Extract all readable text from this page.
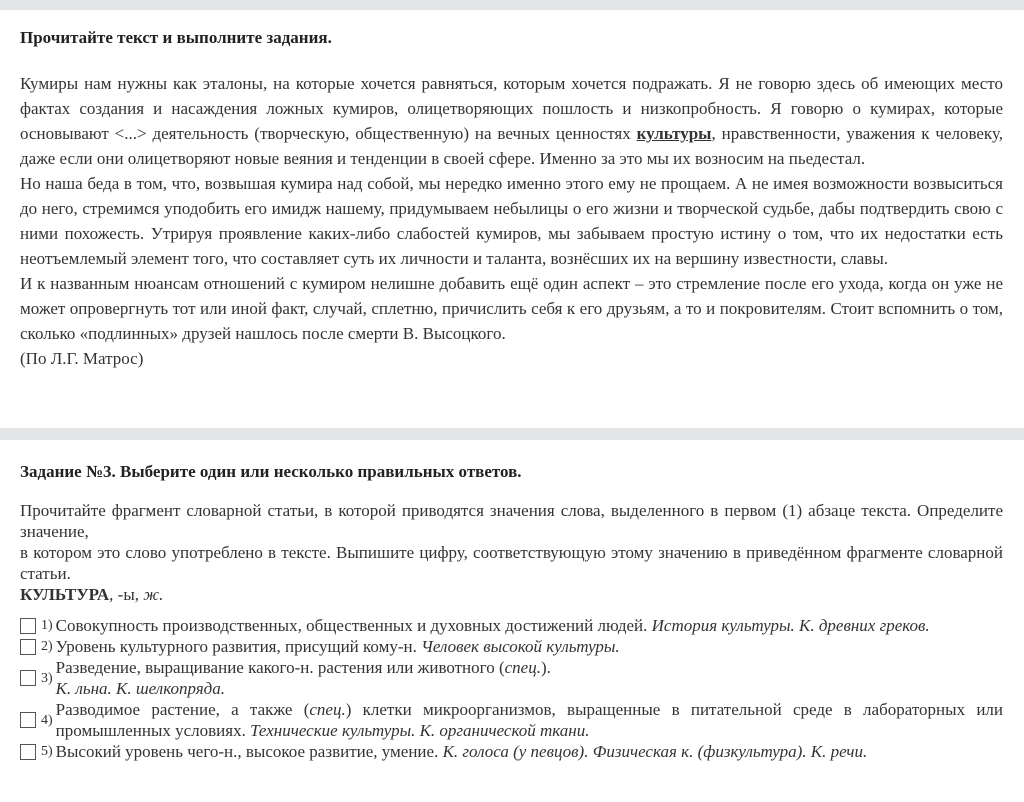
Прочитайте текст и выполните задания.

Кумиры нам нужны как эталоны, на которые хочется равняться, которым хочется подражать. Я не говорю здесь об имеющих место фактах создания и насаждения ложных кумиров, олицетворяющих пошлость и низкопробность. Я говорю о кумирах, которые основывают <...> деятельность (творческую, общественную) на вечных ценностях культуры, нравственности, уважения к человеку, даже если они олицетворяют новые веяния и тенденции в своей сфере. Именно за это мы их возносим на пьедестал.

Но наша беда в том, что, возвышая кумира над собой, мы нередко именно этого ему не прощаем. А не имея возможности возвыситься до него, стремимся уподобить его имидж нашему, придумываем небылицы о его жизни и творческой судьбе, дабы подтвердить свою с ними похожесть. Утрируя проявление каких-либо слабостей кумиров, мы забываем простую истину о том, что их недостатки есть неотъемлемый элемент того, что составляет суть их личности и таланта, вознёсших их на вершину известности, славы.

И к названным нюансам отношений с кумиром нелишне добавить ещё один аспект – это стремление после его ухода, когда он уже не может опровергнуть тот или иной факт, случай, сплетню, причислить себя к его друзьям, а то и покровителям. Стоит вспомнить о том, сколько «подлинных» друзей нашлось после смерти В. Высоцкого.

(По Л.Г. Матрос)

Задание №3. Выберите один или несколько правильных ответов.

Прочитайте фрагмент словарной статьи, в которой приводятся значения слова, выделенного в первом (1) абзаце текста. Определите значение,

в котором это слово употреблено в тексте. Выпишите цифру, соответствующую этому значению в приведённом фрагменте словарной статьи.

КУЛЬТУРА, -ы, ж.

1) Совокупность производственных, общественных и духовных достижений людей. История культуры. К. древних греков.
2) Уровень культурного развития, присущий кому-н. Человек высокой культуры.
3)
Разведение, выращивание какого-н. растения или животного (спец.).
К. льна. К. шелкопряда.
4)
Разводимое растение, а также (спец.) клетки микроорганизмов, выращенные в питательной среде в лабораторных или промышленных условиях. Технические культуры. К. органической ткани.
5) Высокий уровень чего-н., высокое развитие, умение. К. голоса (у певцов). Физическая к. (физкультура). К. речи.
